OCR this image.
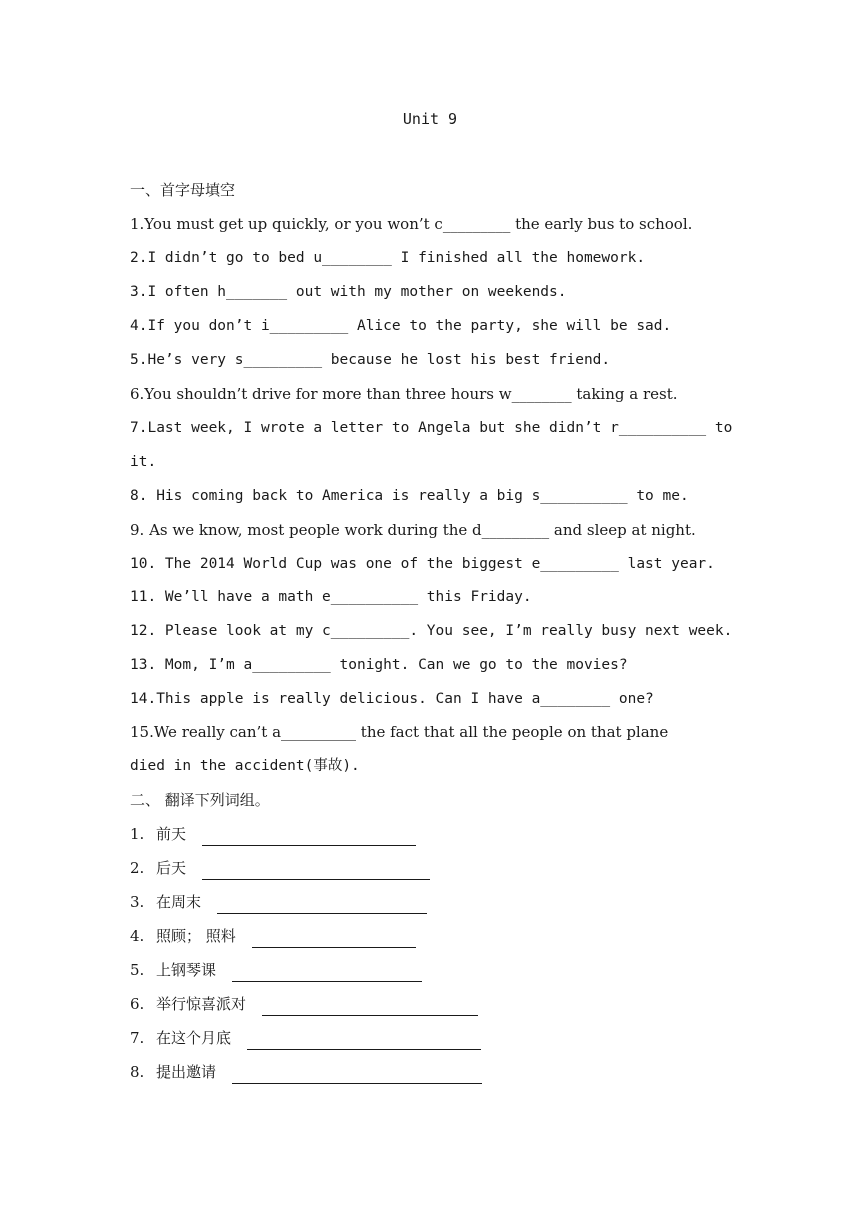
Unit 9
一、首字母填空
1.You must get up quickly, or you won’t c_________ the early bus to school.
2.I didn’t go to bed u________ I finished all the homework.
3.I often h_______ out with my mother on weekends.
4.If you don’t i_________ Alice to the party, she will be sad.
5.He’s very s_________ because he lost his best friend.
6.You shouldn’t drive for more than three hours w________ taking a rest.
7.Last week, I wrote a letter to Angela but she didn’t r__________ to
it.
8. His coming back to America is really a big s__________ to me.
9. As we know, most people work during the d_________ and sleep at night.
10. The 2014 World Cup was one of the biggest e_________ last year.
11. We’ll have a math e__________ this Friday.
12. Please look at my c_________. You see, I’m really busy next week.
13. Mom, I’m a_________ tonight. Can we go to the movies?
14.This apple is really delicious. Can I have a________ one?
15.We really can’t a__________ the fact that all the people on that plane
died in the accident(事故).
二、 翻译下列词组。
1. 前天
2. 后天
3. 在周末
4. 照顾； 照料
5. 上钢琴课
6. 举行惊喜派对
7. 在这个月底
8. 提出邀请
